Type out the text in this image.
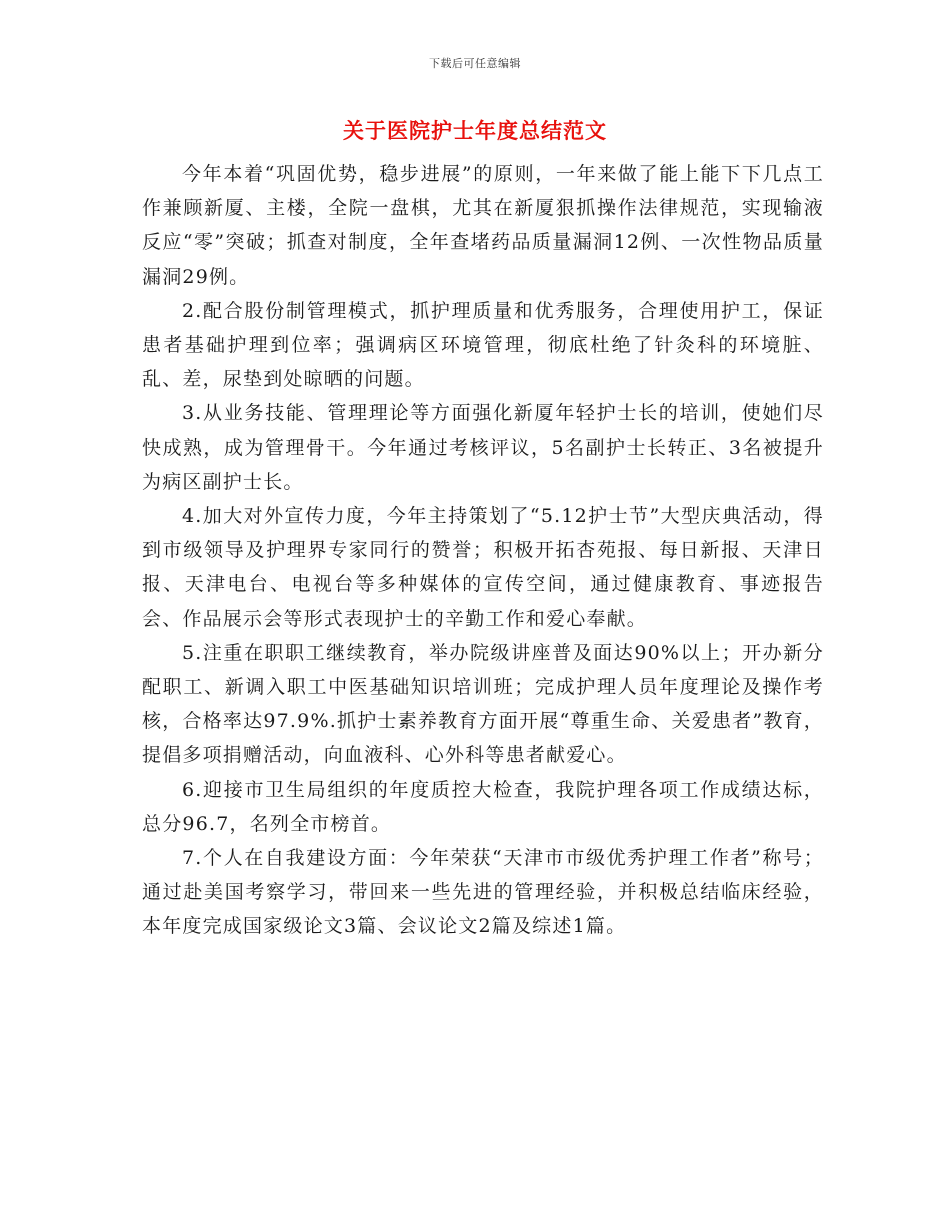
下载后可任意编辑
关于医院护士年度总结范文

今年本着“巩固优势，稳步进展”的原则，一年来做了能上能下下几点工作兼顾新厦、主楼，全院一盘棋，尤其在新厦狠抓操作法律规范，实现输液反应“零”突破；抓查对制度，全年查堵药品质量漏洞12例、一次性物品质量漏洞29例。

2.配合股份制管理模式，抓护理质量和优秀服务，合理使用护工，保证患者基础护理到位率；强调病区环境管理，彻底杜绝了针灸科的环境脏、乱、差，尿垫到处晾晒的问题。

3.从业务技能、管理理论等方面强化新厦年轻护士长的培训，使她们尽快成熟，成为管理骨干。今年通过考核评议，5名副护士长转正、3名被提升为病区副护士长。

4.加大对外宣传力度，今年主持策划了“5.12护士节”大型庆典活动，得到市级领导及护理界专家同行的赞誉；积极开拓杏苑报、每日新报、天津日报、天津电台、电视台等多种媒体的宣传空间，通过健康教育、事迹报告会、作品展示会等形式表现护士的辛勤工作和爱心奉献。

5.注重在职职工继续教育，举办院级讲座普及面达90%以上；开办新分配职工、新调入职工中医基础知识培训班；完成护理人员年度理论及操作考核，合格率达97.9%.抓护士素养教育方面开展“尊重生命、关爱患者”教育，提倡多项捐赠活动，向血液科、心外科等患者献爱心。

6.迎接市卫生局组织的年度质控大检查，我院护理各项工作成绩达标，总分96.7，名列全市榜首。

7.个人在自我建设方面：今年荣获“天津市市级优秀护理工作者”称号；通过赴美国考察学习，带回来一些先进的管理经验，并积极总结临床经验，本年度完成国家级论文3篇、会议论文2篇及综述1篇。
